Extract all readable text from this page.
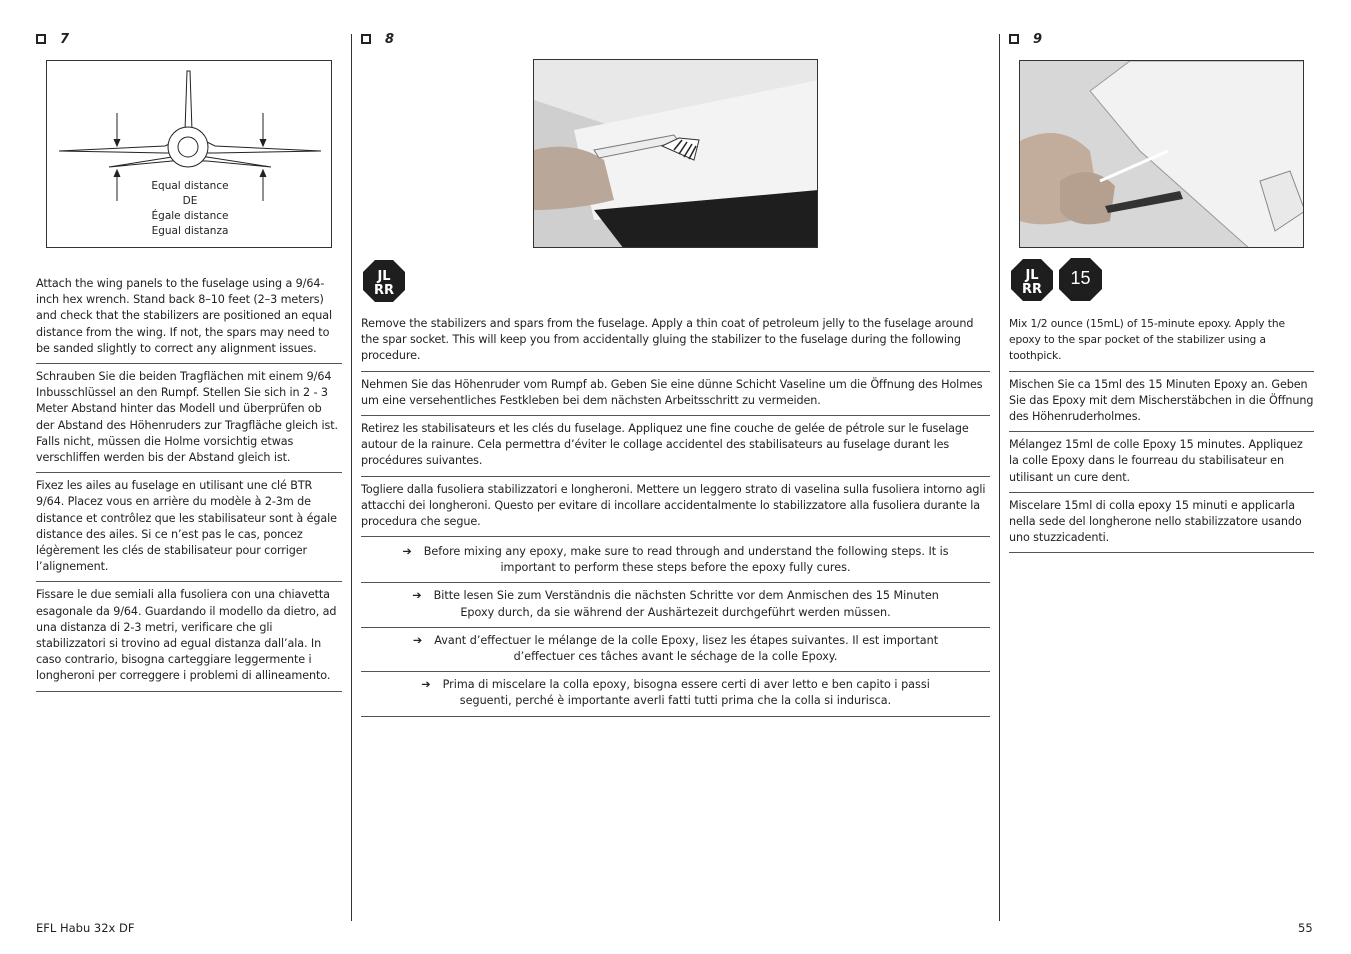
7
Equal distance
DE
Égale distance
Egual distanza
Attach the wing panels to the fuselage using a 9/64-inch hex wrench. Stand back 8–10 feet (2–3 meters) and check that the stabilizers are positioned an equal distance from the wing. If not, the spars may need to be sanded slightly to correct any alignment issues.
Schrauben Sie die beiden Tragflächen mit einem 9/64 Inbusschlüssel an den Rumpf. Stellen Sie sich in 2 - 3 Meter Abstand hinter das Modell und überprüfen ob der Abstand des Höhenruders zur Tragfläche gleich ist. Falls nicht, müssen die Holme vorsichtig etwas verschliffen werden bis der Abstand gleich ist.
Fixez les ailes au fuselage en utilisant une clé BTR 9/64. Placez vous en arrière du modèle à 2-3m de distance et contrôlez que les stabilisateur sont à égale distance des ailes. Si ce n’est pas le cas, poncez légèrement les clés de stabilisateur pour corriger l’alignement.
Fissare le due semiali alla fusoliera con una chiavetta esagonale da 9/64. Guardando il modello da dietro, ad una distanza di 2-3 metri, verificare che gli stabilizzatori si trovino ad egual distanza dall’ala. In caso contrario, bisogna carteggiare leggermente i longheroni per correggere i problemi di allineamento.
8
JL
RR
Remove the stabilizers and spars from the fuselage. Apply a thin coat of petroleum jelly to the fuselage around the spar socket. This will keep you from accidentally gluing the stabilizer to the fuselage during the following procedure.
Nehmen Sie das Höhenruder vom Rumpf ab. Geben Sie eine dünne Schicht Vaseline um die Öffnung des Holmes um eine versehentliches Festkleben bei dem nächsten Arbeitsschritt zu vermeiden.
Retirez les stabilisateurs et les clés du fuselage. Appliquez une fine couche de gelée de pétrole sur le fuselage autour de la rainure. Cela permettra d’éviter le collage accidentel des stabilisateurs au fuselage durant les procédures suivantes.
Togliere dalla fusoliera stabilizzatori e longheroni. Mettere un leggero strato di vaselina sulla fusoliera intorno agli attacchi dei longheroni. Questo per evitare di incollare accidentalmente lo stabilizzatore alla fusoliera durante la procedura che segue.
➔ Before mixing any epoxy, make sure to read through and understand the following steps. It is important to perform these steps before the epoxy fully cures.
➔ Bitte lesen Sie zum Verständnis die nächsten Schritte vor dem Anmischen des 15 Minuten Epoxy durch, da sie während der Aushärtezeit durchgeführt werden müssen.
➔ Avant d’effectuer le mélange de la colle Epoxy, lisez les étapes suivantes. Il est important d’effectuer ces tâches avant le séchage de la colle Epoxy.
➔ Prima di miscelare la colla epoxy, bisogna essere certi di aver letto e ben capito i passi seguenti, perché è importante averli fatti tutti prima che la colla si indurisca.
9
JL
RR
15
Mix 1/2 ounce (15mL) of 15-minute epoxy. Apply the epoxy to the spar pocket of the stabilizer using a toothpick.
Mischen Sie ca 15ml des 15 Minuten Epoxy an. Geben Sie das Epoxy mit dem Mischerstäbchen in die Öffnung des Höhenruderholmes.
Mélangez 15ml de colle Epoxy 15 minutes. Appliquez la colle Epoxy dans le fourreau du stabilisateur en utilisant un cure dent.
Miscelare 15ml di colla epoxy 15 minuti e applicarla nella sede del longherone nello stabilizzatore usando uno stuzzicadenti.
EFL Habu 32x DF	55
